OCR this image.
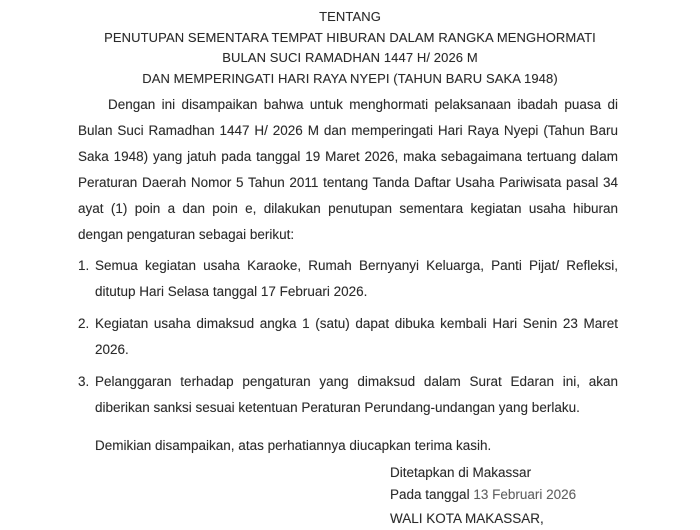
TENTANG
PENUTUPAN SEMENTARA TEMPAT HIBURAN DALAM RANGKA MENGHORMATI
BULAN SUCI RAMADHAN 1447 H/ 2026 M
DAN MEMPERINGATI HARI RAYA NYEPI (TAHUN BARU SAKA 1948)
Dengan ini disampaikan bahwa untuk menghormati pelaksanaan ibadah puasa di
Bulan Suci Ramadhan 1447 H/ 2026 M dan memperingati Hari Raya Nyepi (Tahun Baru
Saka 1948) yang jatuh pada tanggal 19 Maret 2026, maka sebagaimana tertuang dalam
Peraturan Daerah Nomor 5 Tahun 2011 tentang Tanda Daftar Usaha Pariwisata pasal 34
ayat (1) poin a dan poin e, dilakukan penutupan sementara kegiatan usaha hiburan
dengan pengaturan sebagai berikut:
1. Semua kegiatan usaha Karaoke, Rumah Bernyanyi Keluarga, Panti Pijat/ Refleksi,
ditutup Hari Selasa tanggal 17 Februari 2026.
2. Kegiatan usaha dimaksud angka 1 (satu) dapat dibuka kembali Hari Senin 23 Maret
2026.
3. Pelanggaran terhadap pengaturan yang dimaksud dalam Surat Edaran ini, akan
diberikan sanksi sesuai ketentuan Peraturan Perundang-undangan yang berlaku.
Demikian disampaikan, atas perhatiannya diucapkan terima kasih.
Ditetapkan di Makassar
Pada tanggal 13 Februari 2026
WALI KOTA MAKASSAR,
